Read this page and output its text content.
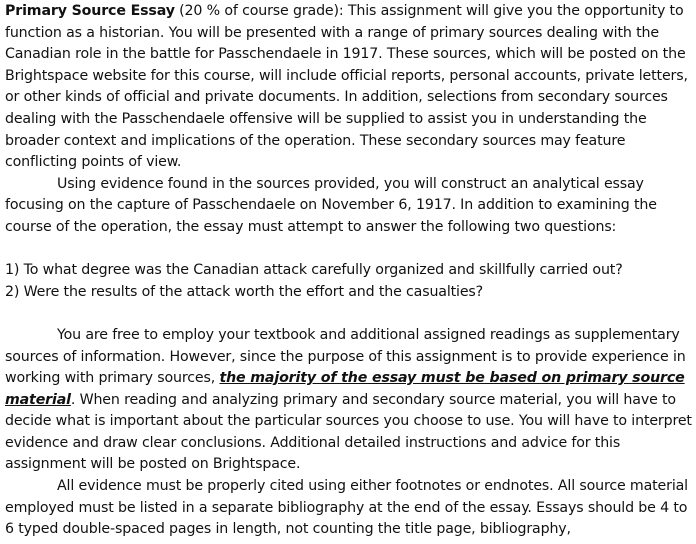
Primary Source Essay (20 % of course grade): This assignment will give you the opportunity to function as a historian. You will be presented with a range of primary sources dealing with the Canadian role in the battle for Passchendaele in 1917. These sources, which will be posted on the Brightspace website for this course, will include official reports, personal accounts, private letters, or other kinds of official and private documents. In addition, selections from secondary sources dealing with the Passchendaele offensive will be supplied to assist you in understanding the broader context and implications of the operation. These secondary sources may feature conflicting points of view.

Using evidence found in the sources provided, you will construct an analytical essay focusing on the capture of Passchendaele on November 6, 1917. In addition to examining the course of the operation, the essay must attempt to answer the following two questions:

1) To what degree was the Canadian attack carefully organized and skillfully carried out?

2) Were the results of the attack worth the effort and the casualties?

You are free to employ your textbook and additional assigned readings as supplementary sources of information. However, since the purpose of this assignment is to provide experience in working with primary sources, the majority of the essay must be based on primary source material. When reading and analyzing primary and secondary source material, you will have to decide what is important about the particular sources you choose to use. You will have to interpret evidence and draw clear conclusions. Additional detailed instructions and advice for this assignment will be posted on Brightspace.

All evidence must be properly cited using either footnotes or endnotes. All source material employed must be listed in a separate bibliography at the end of the essay. Essays should be 4 to 6 typed double-spaced pages in length, not counting the title page, bibliography,
